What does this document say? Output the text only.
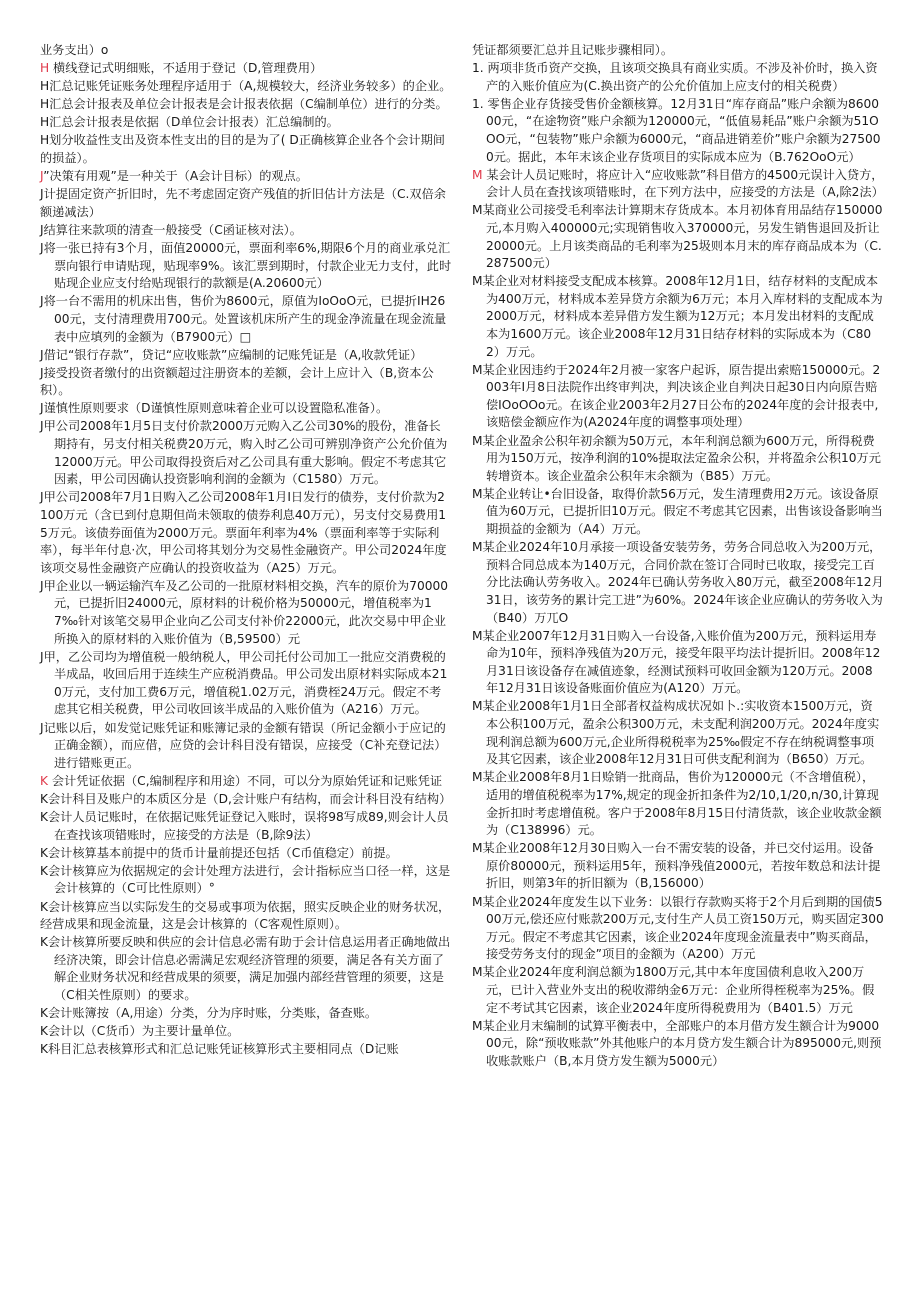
业务支出）o

H 横线登记式明细账，不适用于登记（D,管理费用）

H汇总记账凭证账务处理程序适用于（A,规模较大，经济业务较多）的企业。

H汇总会计报表及单位会计报表是会计报表依据（C编制单位）进行的分类。

H汇总会计报表是依据（D单位会计报表）汇总编制的。

H划分收益性支出及资本性支出的目的是为了( D正确核算企业各个会计期间的损益）。

J”决策有用观”是一种关于（A会计目标）的观点。

J计提固定资产折旧时，先不考虑固定资产残值的折旧估计方法是（C.双倍余额递减法）

J结算往来款项的清查一般接受（C函证核对法）。

J将一张已持有3个月，面值20000元，票面利率6%,期限6个月的商业承兑汇票向银行申请贴现，贴现率9%。该汇票到期时，付款企业无力支付，此时贴现企业应支付给贴现银行的款额是(A.20600元）

J将一台不需用的机床出售，售价为8600元，原值为IoOoO元，已提折IH2600元，支付清理费用700元。处置该机床所产生的现金净流量在现金流量表中应填列的金额为（B7900元）□

J借记“银行存款”，贷记“应收账款”应编制的记账凭证是（A,收款凭证）

J接受投资者缴付的出资额超过注册资本的差额，会计上应计入（B,资本公积）。

J谨慎性原则要求（D谨慎性原则意味着企业可以设置隐私准备）。

J甲公司2008年1月5日支付价款2000万元购入乙公司30%的股份，准备长期持有，另支付相关税费20万元，购入时乙公司可辨别净资产公允价值为12000万元。甲公司取得投资后对乙公司具有重大影响。假定不考虑其它因素，甲公司因确认投资影响利润的金额为（C1580）万元。

J甲公司2008年7月1日购入乙公司2008年1月I日发行的债券，支付价款为2100万元（含已到付息期但尚未领取的债券利息40万元），另支付交易费用15万元。该债券面值为2000万元。票面年利率为4%（票面利率等于实际利率），每半年付息·次，甲公司将其划分为交易性金融资产。甲公司2024年度该项交易性金融资产应确认的投资收益为（A25）万元。

J甲企业以一辆运输汽车及乙公司的一批原材料相交换，汽车的原价为70000元，已提折旧24000元，原材料的计税价格为50000元，增值税率为17‰针对该笔交易甲企业向乙公司支付补价22000元，此次交易中甲企业所换入的原材料的入账价值为（B,59500）元

J甲，乙公司均为增值税一般纳税人，甲公司托付公司加工一批应交消费税的半成品，收回后用于连续生产应税消费品。甲公司发出原材料实际成本210万元，支付加工费6万元，增值税1.02万元，消费桎24万元。假定不考虑其它相关税费，甲公司收回该半成品的入账价值为（A216）万元。

J记账以后，如发觉记账凭证和账簿记录的金额有错误（所记金额小于应记的正确金额），而应借，应贷的会计科目没有错误，应接受（C补充登记法）进行错账更正。

K 会计凭证依据（C,编制程序和用途）不同，可以分为原始凭证和记账凭证

K会计科目及账户的本质区分是（D,会计账户有结构，而会计科目没有结构）

K会计人员记账时，在依据记账凭证登记入账时，误将98写成89,则会计人员在查找该项错账时，应接受的方法是（B,除9法）

K会计核算基本前提中的货币计量前提还包括（C币值稳定）前提。

K会计核算应为依据规定的会计处理方法进行，会计指标应当口径一样，这是会计核算的（C可比性原则）°

K会计核算应当以实际发生的交易或事项为依据，照实反映企业的财务状况，经营成果和现金流量，这是会计核算的（C客观性原则）。

K会计核算所要反映和供应的会计信息必需有助于会计信息运用者正确地做出经济决策，即会计信息必需满足宏观经济管理的须要，满足各有关方面了解企业财务状况和经营成果的须要，满足加强内部经营管理的须要，这是（C相关性原则）的要求。

K会计账簿按（A,用途）分类，分为序时账，分类账，备查账。

K会计以（C货币）为主要计量单位。

K科目汇总表核算形式和汇总记账凭证核算形式主要相同点（D记账

凭证都须要汇总并且记账步骤相同）。

1. 两项非货币资产交换，且该项交换具有商业实质。不涉及补价时，换入资产的入账价值应为(C.换出资产的公允价值加上应支付的相关税费）

1. 零售企业存货接受售价金额核算。12月31日“库存商品”账户余额为860000元，“在途物资”账户余额为120000元，“低值易耗品”账户余额为51OOO元，“包装物”账户余额为6000元，“商品进销差价”账户余额为275000元。据此，本年末该企业存货项目的实际成本应为（B.762OoO元）

M 某会计人员记账时，将应计入“应收账款”科目借方的4500元误计入贷方，会计人员在查找该项错账时，在下列方法中，应接受的方法是（A,除2法）

M某商业公司接受毛利率法计算期末存货成本。本月初体育用品结存150000元,本月购入400000元;实现销售收入370000元，另发生销售退回及折让20000元。上月该类商品的毛利率为25圾则本月末的库存商品成本为（C.287500元）

M某企业对材料接受支配成本核算。2008年12月1日，结存材料的支配成本为400万元，材料成本差异贷方余额为6万元；本月入库材料的支配成本为2000万元，材料成本差异借方发生额为12万元；本月发出材料的支配成本为1600万元。该企业2008年12月31日结存材料的实际成本为（C802）万元。

M某企业因违约于2024年2月被一家客户起诉，原告提出索赔150000元。2003年I月8日法院作出终审判决，判决该企业自判决日起30日内向原告赔偿IOoOOo元。在该企业2003年2月27日公布的2024年度的会计报表中,该赔偿金额应作为(A2024年度的调整事项处理）

M某企业盈余公积年初余额为50万元，本年利润总额为600万元，所得税费用为150万元，按净利润的10%提取法定盈余公积，并将盈余公积10万元转增资本。该企业盈余公积年末余额为（B85）万元。

M某企业转让•台旧设备，取得价款56万元，发生清理费用2万元。该设备原值为60万元，已提折旧10万元。假定不考虑其它因素，出售该设备影响当期损益的金额为（A4）万元。

M某企业2024年10月承接一项设备安装劳务，劳务合同总收入为200万元，预料合同总成本为140万元，合同价款在签订合同时已收取，接受完工百分比法确认劳务收入。2024年已确认劳务收入80万元，截至2008年12月31日，该劳务的累计完工进”为60%。2024年该企业应确认的劳务收入为（B40）万兀O

M某企业2007年12月31日购入一台设备,入账价值为200万元，预料运用寿命为10年，预料净残值为20万元，接受年限平均法计提折旧。2008年12月31日该设备存在减值迹象，经测试预料可收回金额为120万元。2008年12月31日该设备账面价值应为(A120）万元。

M某企业2008年1月1日全部者权益构成状况如卜.:实收资本1500万元，资本公积100万元，盈余公积300万元，未支配利润200万元。2024年度实现利润总额为600万元,企业所得税税率为25‰假定不存在纳税调整事项及其它因素，该企业2008年12月31日可供支配利润为（B650）万元。

M某企业2008年8月1日赊销一批商品，售价为120000元（不含增值税），适用的增值税税率为17%,规定的现金折扣条件为2/10,1/20,n/30,计算现金折扣时考虑增值税。客户于2008年8月15日付清货款，该企业收款金额为（C138996）元。

M某企业2008年12月30日购入一台不需安装的设备，并已交付运用。设备原价80000元，预料运用5年，预料净残值2000元，若按年数总和法计提折旧，则第3年的折旧额为（B,156000）

M某企业2024年度发生以下业务：以银行存款购买将于2个月后到期的国债500万元,偿还应付账款200万元,支付生产人员工资150万元，购买固定300万元。假定不考虑其它因素，该企业2024年度现金流量表中”购买商品，接受劳务支付的现金”项目的金额为（A200）万元

M某企业2024年度利润总额为1800万元,其中本年度国债利息收入200万元，已计入营业外支出的税收滞纳金6万元：企业所得桎税率为25%。假定不考试其它因素，该企业2024年度所得税费用为（B401.5）万元

M某企业月末编制的试算平衡表中，全部账户的本月借方发生额合计为900000元，除“预收账款”外其他账户的本月贷方发生额合计为895000元,则预收账款账户（B,本月贷方发生额为5000元）
